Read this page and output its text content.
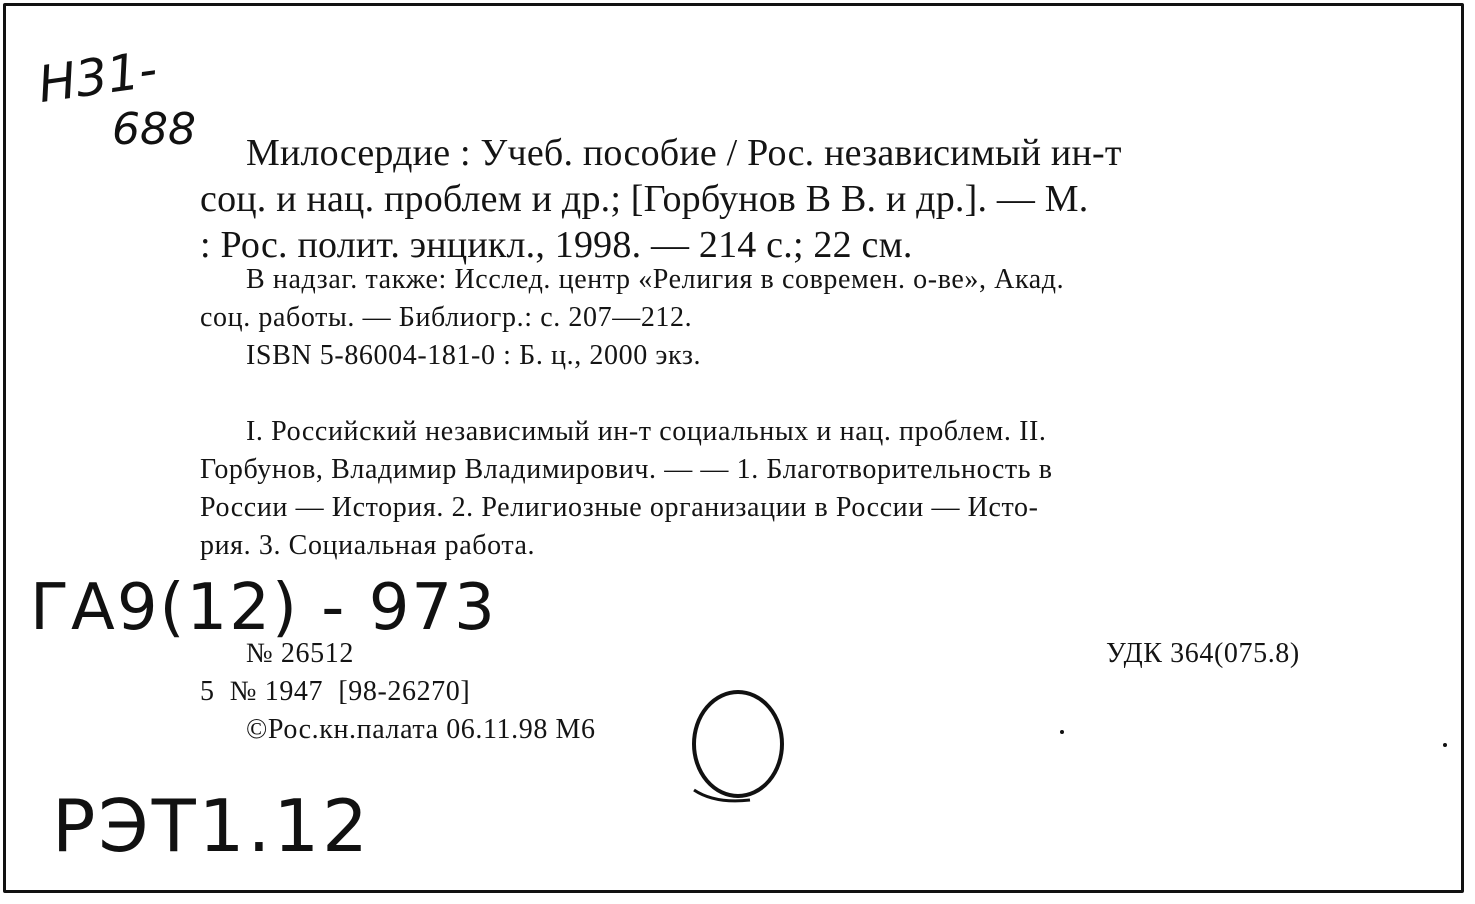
Н31-
688 Милосердие : Учеб. пособие / Рос. независимый ин-т
соц. и нац. проблем и др.; [Горбунов В В. и др.]. — М.
: Рос. полит. энцикл., 1998. — 214 с.; 22 см.
В надзаг. также: Исслед. центр «Религия в современ. о-ве», Акад.
соц. работы. — Библиогр.: с. 207—212.
ISBN 5-86004-181-0 : Б. ц., 2000 экз.
I. Российский независимый ин-т социальных и нац. проблем. II.
Горбунов, Владимир Владимирович. — — 1. Благотворительность в
России — История. 2. Религиозные организации в России — Исто-
рия. 3. Социальная работа.
ГА9(12) - 973
№ 26512	УДК 364(075.8)
5  № 1947  [98-26270]
©Рос.кн.палата 06.11.98 М6
РЭТ1.12
